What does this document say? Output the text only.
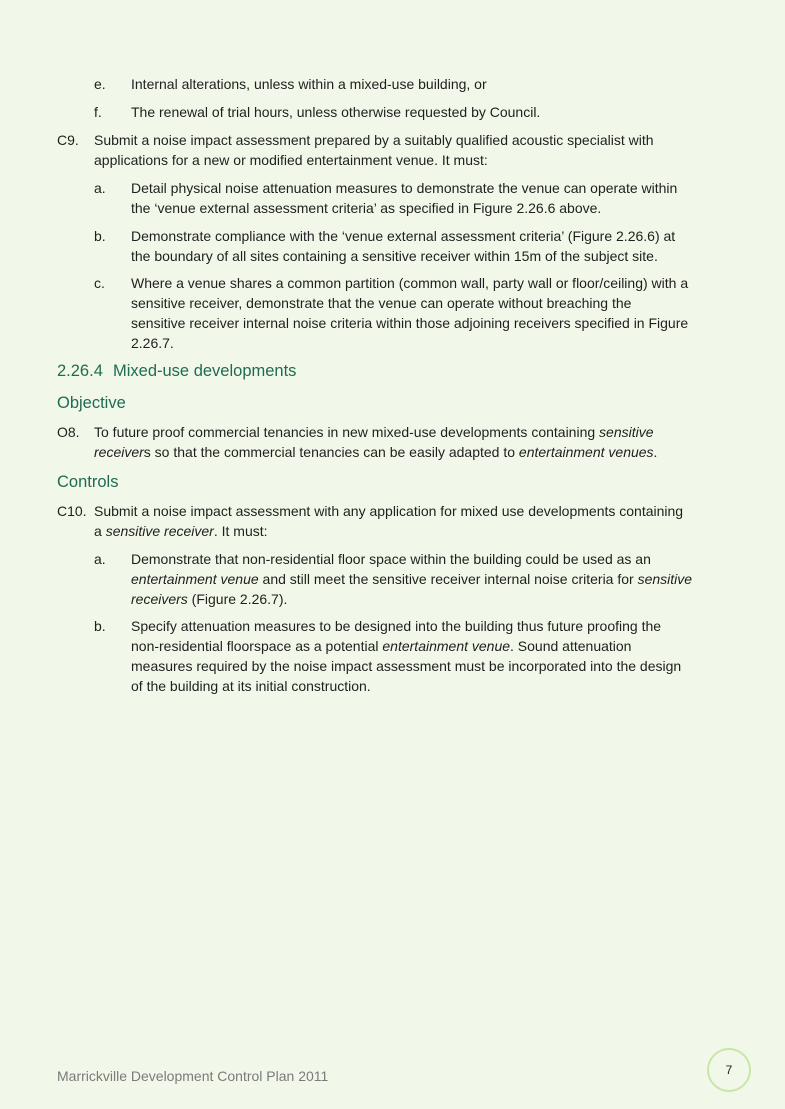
e. Internal alterations, unless within a mixed-use building, or
f. The renewal of trial hours, unless otherwise requested by Council.
C9. Submit a noise impact assessment prepared by a suitably qualified acoustic specialist with
applications for a new or modified entertainment venue. It must:
a. Detail physical noise attenuation measures to demonstrate the venue can operate within
the ‘venue external assessment criteria’ as specified in Figure 2.26.6 above.
b. Demonstrate compliance with the ‘venue external assessment criteria’ (Figure 2.26.6) at
the boundary of all sites containing a sensitive receiver within 15m of the subject site.
c. Where a venue shares a common partition (common wall, party wall or floor/ceiling) with a
sensitive receiver, demonstrate that the venue can operate without breaching the
sensitive receiver internal noise criteria within those adjoining receivers specified in Figure
2.26.7.
2.26.4 Mixed-use developments
Objective
O8. To future proof commercial tenancies in new mixed-use developments containing sensitive
receivers so that the commercial tenancies can be easily adapted to entertainment venues.
Controls
C10. Submit a noise impact assessment with any application for mixed use developments containing
a sensitive receiver. It must:
a. Demonstrate that non-residential floor space within the building could be used as an
entertainment venue and still meet the sensitive receiver internal noise criteria for sensitive
receivers (Figure 2.26.7).
b. Specify attenuation measures to be designed into the building thus future proofing the
non-residential floorspace as a potential entertainment venue. Sound attenuation
measures required by the noise impact assessment must be incorporated into the design
of the building at its initial construction.
Marrickville Development Control Plan 2011	7
